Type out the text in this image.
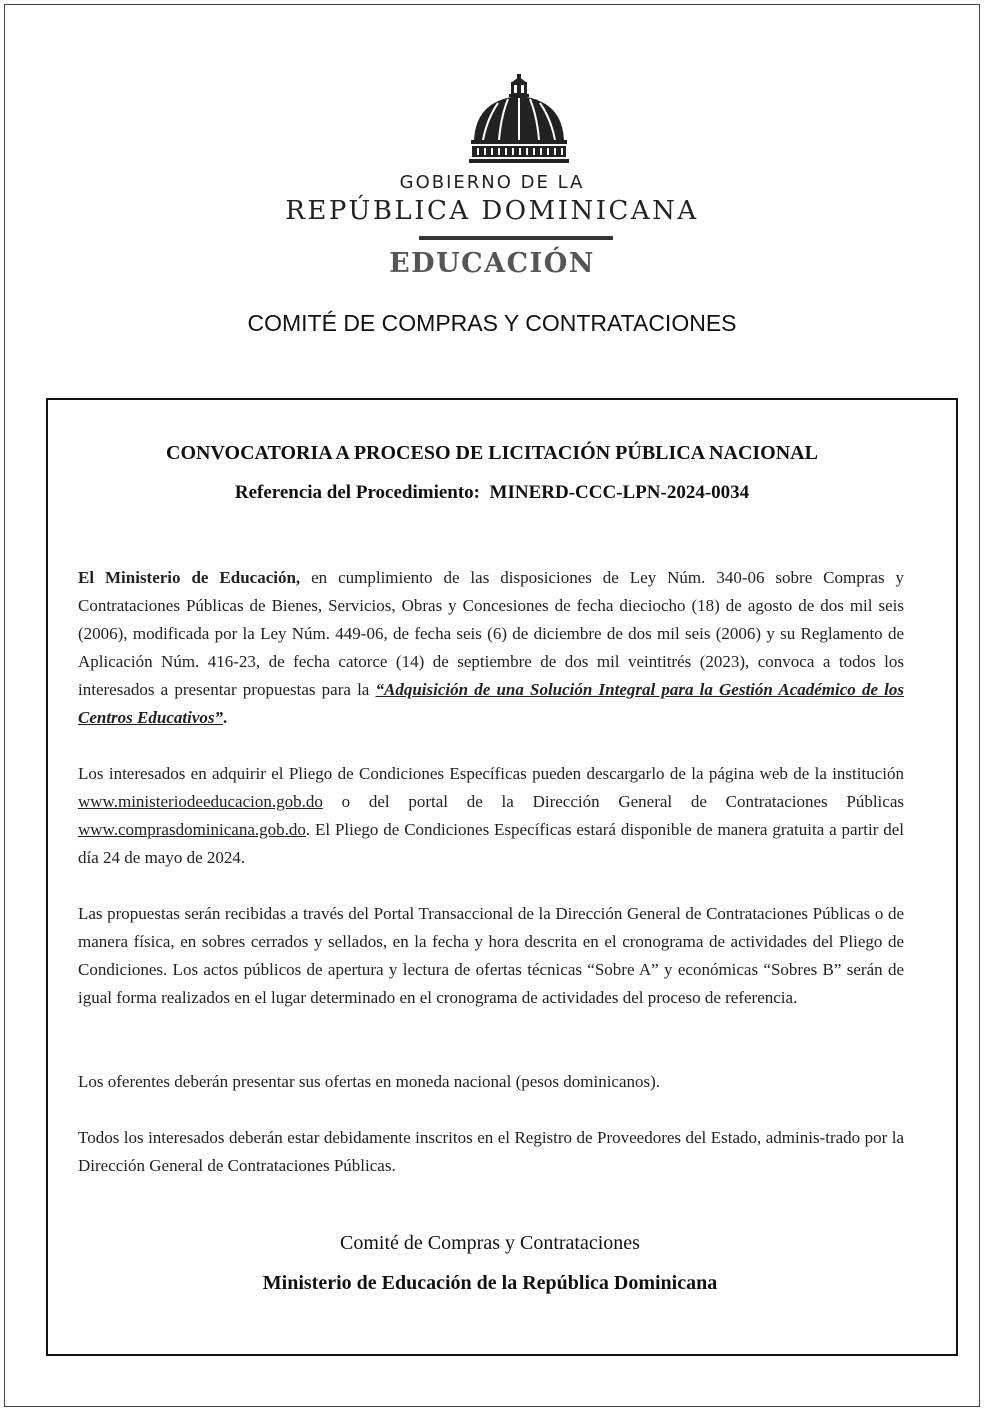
GOBIERNO DE LA
REPÚBLICA DOMINICANA
EDUCACIÓN
COMITÉ DE COMPRAS Y CONTRATACIONES
CONVOCATORIA A PROCESO DE LICITACIÓN PÚBLICA NACIONAL
Referencia del Procedimiento:  MINERD-CCC-LPN-2024-0034

El Ministerio de Educación, en cumplimiento de las disposiciones de Ley Núm. 340-06 sobre Compras y Contrataciones Públicas de Bienes, Servicios, Obras y Concesiones de fecha dieciocho (18) de agosto de dos mil seis (2006), modificada por la Ley Núm. 449-06, de fecha seis (6) de diciembre de dos mil seis (2006) y su Reglamento de Aplicación Núm. 416-23, de fecha catorce (14) de septiembre de dos mil veintitrés (2023), convoca a todos los interesados a presentar propuestas para la “Adquisición de una Solución Integral para la Gestión Académico de los Centros Educativos”.

Los interesados en adquirir el Pliego de Condiciones Específicas pueden descargarlo de la página web de la institución www.ministeriodeeducacion.gob.do o del portal de la Dirección General de Contrataciones Públicas www.comprasdominicana.gob.do. El Pliego de Condiciones Específicas estará disponible de manera gratuita a partir del día 24 de mayo de 2024.

Las propuestas serán recibidas a través del Portal Transaccional de la Dirección General de Contrataciones Públicas o de manera física, en sobres cerrados y sellados, en la fecha y hora descrita en el cronograma de actividades del Pliego de Condiciones. Los actos públicos de apertura y lectura de ofertas técnicas “Sobre A” y económicas “Sobres B” serán de igual forma realizados en el lugar determinado en el cronograma de actividades del proceso de referencia.

Los oferentes deberán presentar sus ofertas en moneda nacional (pesos dominicanos).

Todos los interesados deberán estar debidamente inscritos en el Registro de Proveedores del Estado, adminis-trado por la Dirección General de Contrataciones Públicas.

Comité de Compras y Contrataciones
Ministerio de Educación de la República Dominicana
